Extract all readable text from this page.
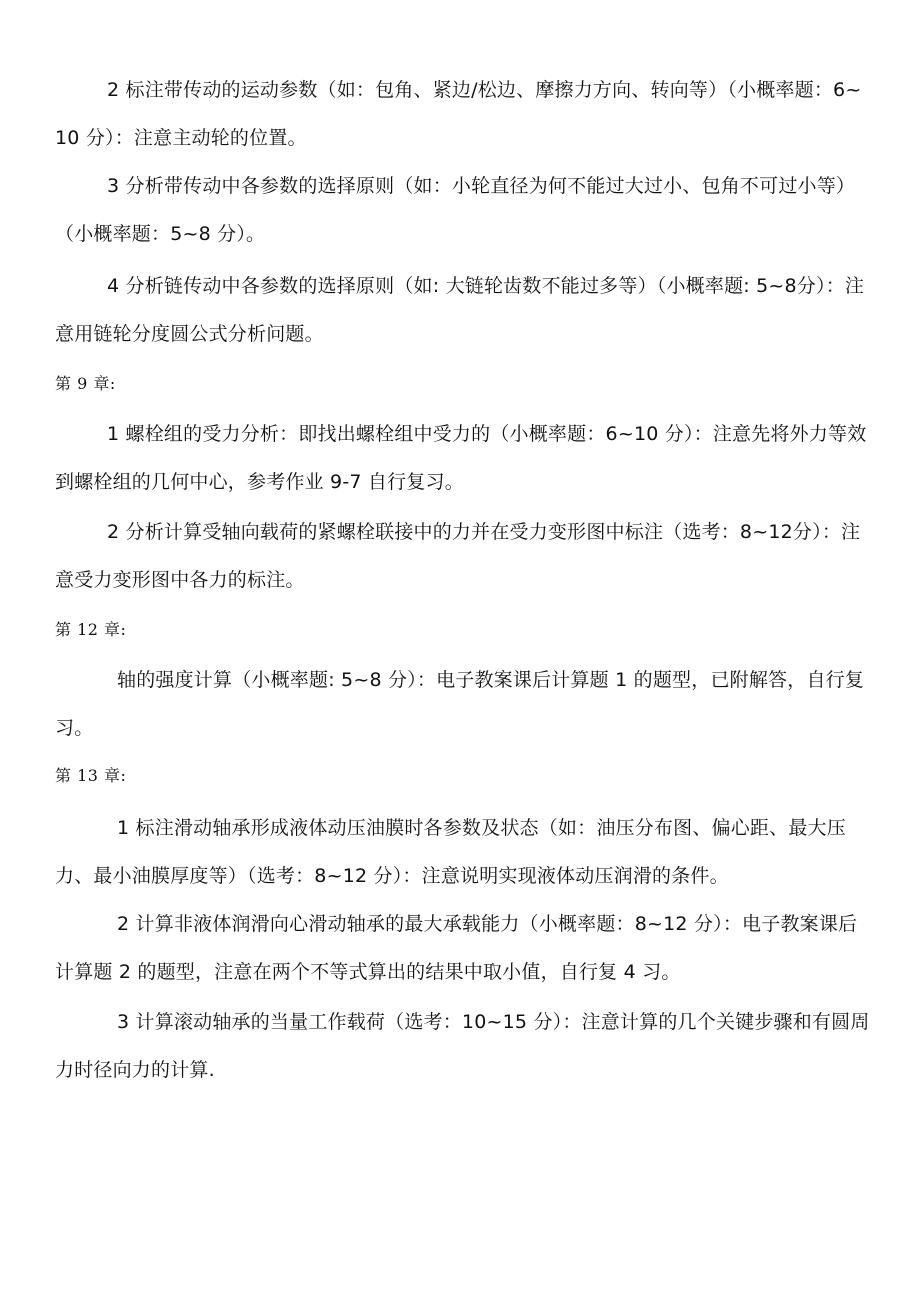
2 标注带传动的运动参数（如：包角、紧边/松边、摩擦力方向、转向等）（小概率题：6~10 分）：注意主动轮的位置。

3 分析带传动中各参数的选择原则（如：小轮直径为何不能过大过小、包角不可过小等）（小概率题：5~8 分）。

4 分析链传动中各参数的选择原则（如: 大链轮齿数不能过多等）（小概率题: 5~8分）：注意用链轮分度圆公式分析问题。

第 9 章:

1 螺栓组的受力分析：即找出螺栓组中受力的（小概率题：6~10 分）：注意先将外力等效到螺栓组的几何中心，参考作业 9-7 自行复习。

2 分析计算受轴向载荷的紧螺栓联接中的力并在受力变形图中标注（选考：8~12分）：注意受力变形图中各力的标注。

第 12 章:

轴的强度计算（小概率题: 5~8 分）：电子教案课后计算题 1 的题型，已附解答，自行复习。

第 13 章:

1 标注滑动轴承形成液体动压油膜时各参数及状态（如：油压分布图、偏心距、最大压力、最小油膜厚度等）（选考：8~12 分）：注意说明实现液体动压润滑的条件。

2 计算非液体润滑向心滑动轴承的最大承载能力（小概率题：8~12 分）：电子教案课后计算题 2 的题型，注意在两个不等式算出的结果中取小值，自行复 4 习。

3 计算滚动轴承的当量工作载荷（选考：10~15 分）：注意计算的几个关键步骤和有圆周力时径向力的计算.
